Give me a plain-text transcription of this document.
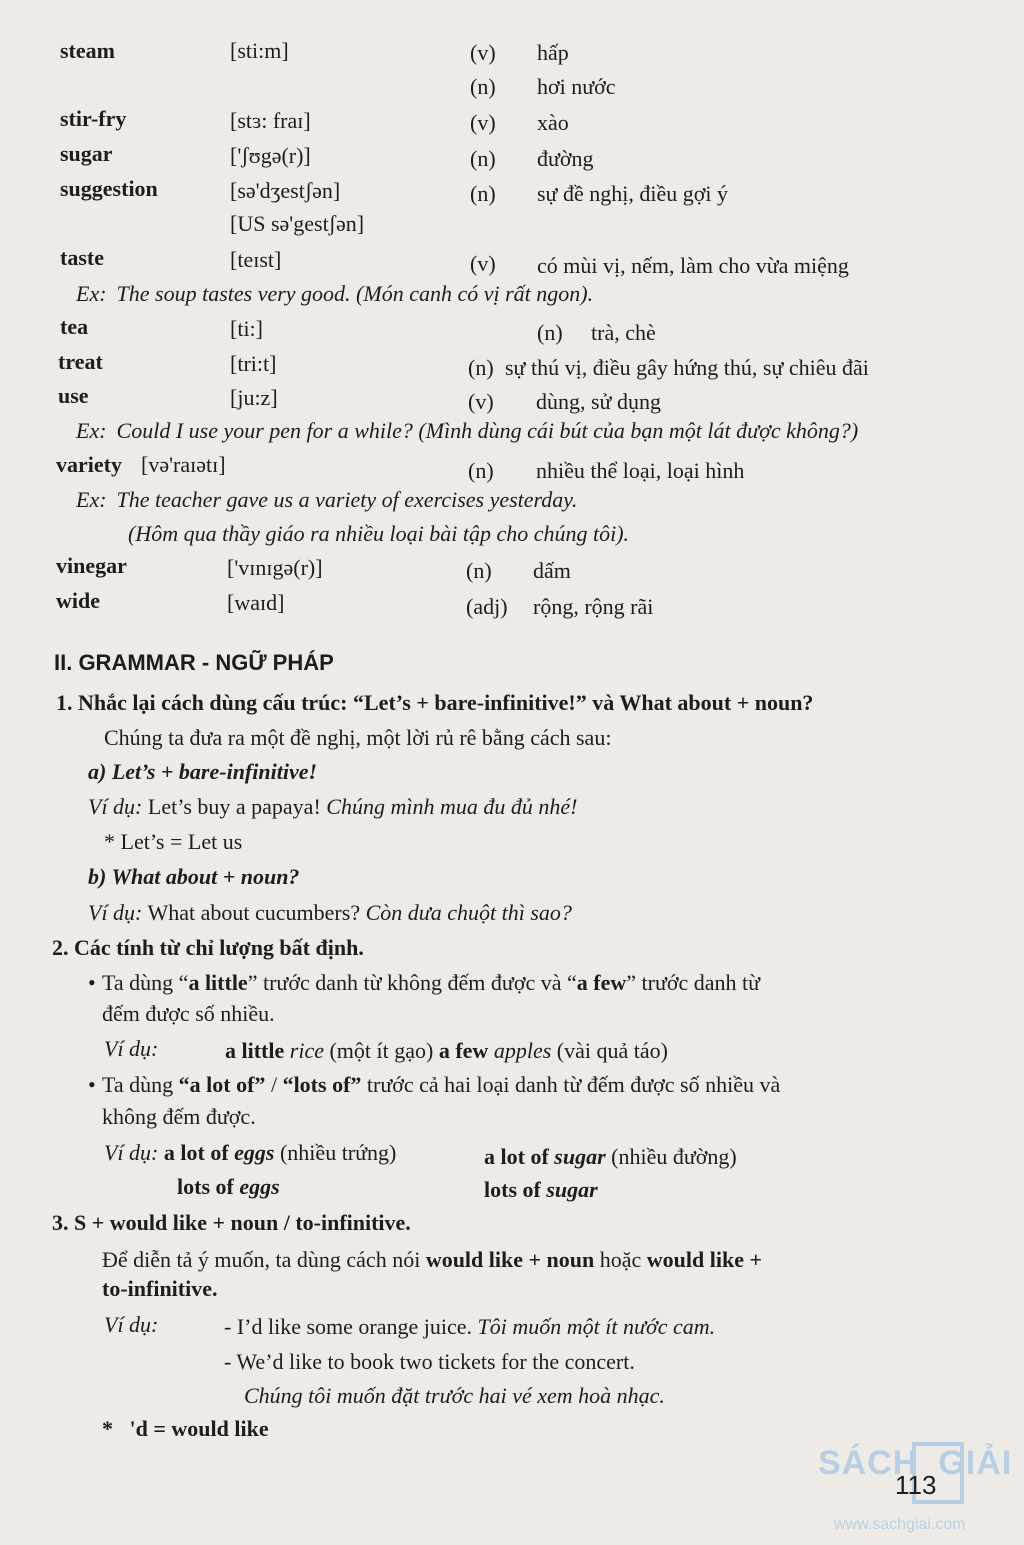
steam	[sti:m]	(v) hấp
(n) hơi nước
stir-fry	[stɜ: fraɪ]	(v) xào
sugar	['ʃʊgə(r)]	(n) đường
suggestion	[sə'dʒestʃən]	(n) sự đề nghị, điều gợi ý
[US sə'gestʃən]
taste	[teɪst]	(v) có mùi vị, nếm, làm cho vừa miệng
Ex: The soup tastes very good. (Món canh có vị rất ngon).
tea	[ti:]	(n) trà, chè
treat	[tri:t]	(n) sự thú vị, điều gây hứng thú, sự chiêu đãi
use	[ju:z]	(v) dùng, sử dụng
Ex: Could I use your pen for a while? (Mình dùng cái bút của bạn một lát được không?)
variety [və'raɪətɪ]	(n) nhiều thể loại, loại hình
Ex: The teacher gave us a variety of exercises yesterday.
(Hôm qua thầy giáo ra nhiều loại bài tập cho chúng tôi).
vinegar	['vɪnɪgə(r)]	(n) dấm
wide	[waɪd]	(adj) rộng, rộng rãi
II. GRAMMAR - NGỮ PHÁP
1. Nhắc lại cách dùng cấu trúc: “Let’s + bare-infinitive!” và What about + noun?
Chúng ta đưa ra một đề nghị, một lời rủ rê bằng cách sau:
a) Let’s + bare-infinitive!
Ví dụ: Let’s buy a papaya! Chúng mình mua đu đủ nhé!
* Let’s = Let us
b) What about + noun?
Ví dụ: What about cucumbers? Còn dưa chuột thì sao?
2. Các tính từ chỉ lượng bất định.
• Ta dùng “a little” trước danh từ không đếm được và “a few” trước danh từ
đếm được số nhiều.
Ví dụ:	a little rice (một ít gạo) a few apples (vài quả táo)
• Ta dùng “a lot of” / “lots of” trước cả hai loại danh từ đếm được số nhiều và
không đếm được.
Ví dụ: a lot of eggs (nhiều trứng)	a lot of sugar (nhiều đường)
lots of eggs	lots of sugar
3. S + would like + noun / to-infinitive.
Để diễn tả ý muốn, ta dùng cách nói would like + noun hoặc would like +
to-infinitive.
Ví dụ:	- I’d like some orange juice. Tôi muốn một ít nước cam.
- We’d like to book two tickets for the concert.
Chúng tôi muốn đặt trước hai vé xem hoà nhạc.
* 'd = would like
SÁCH GIẢI
113
www.sachgiai.com
